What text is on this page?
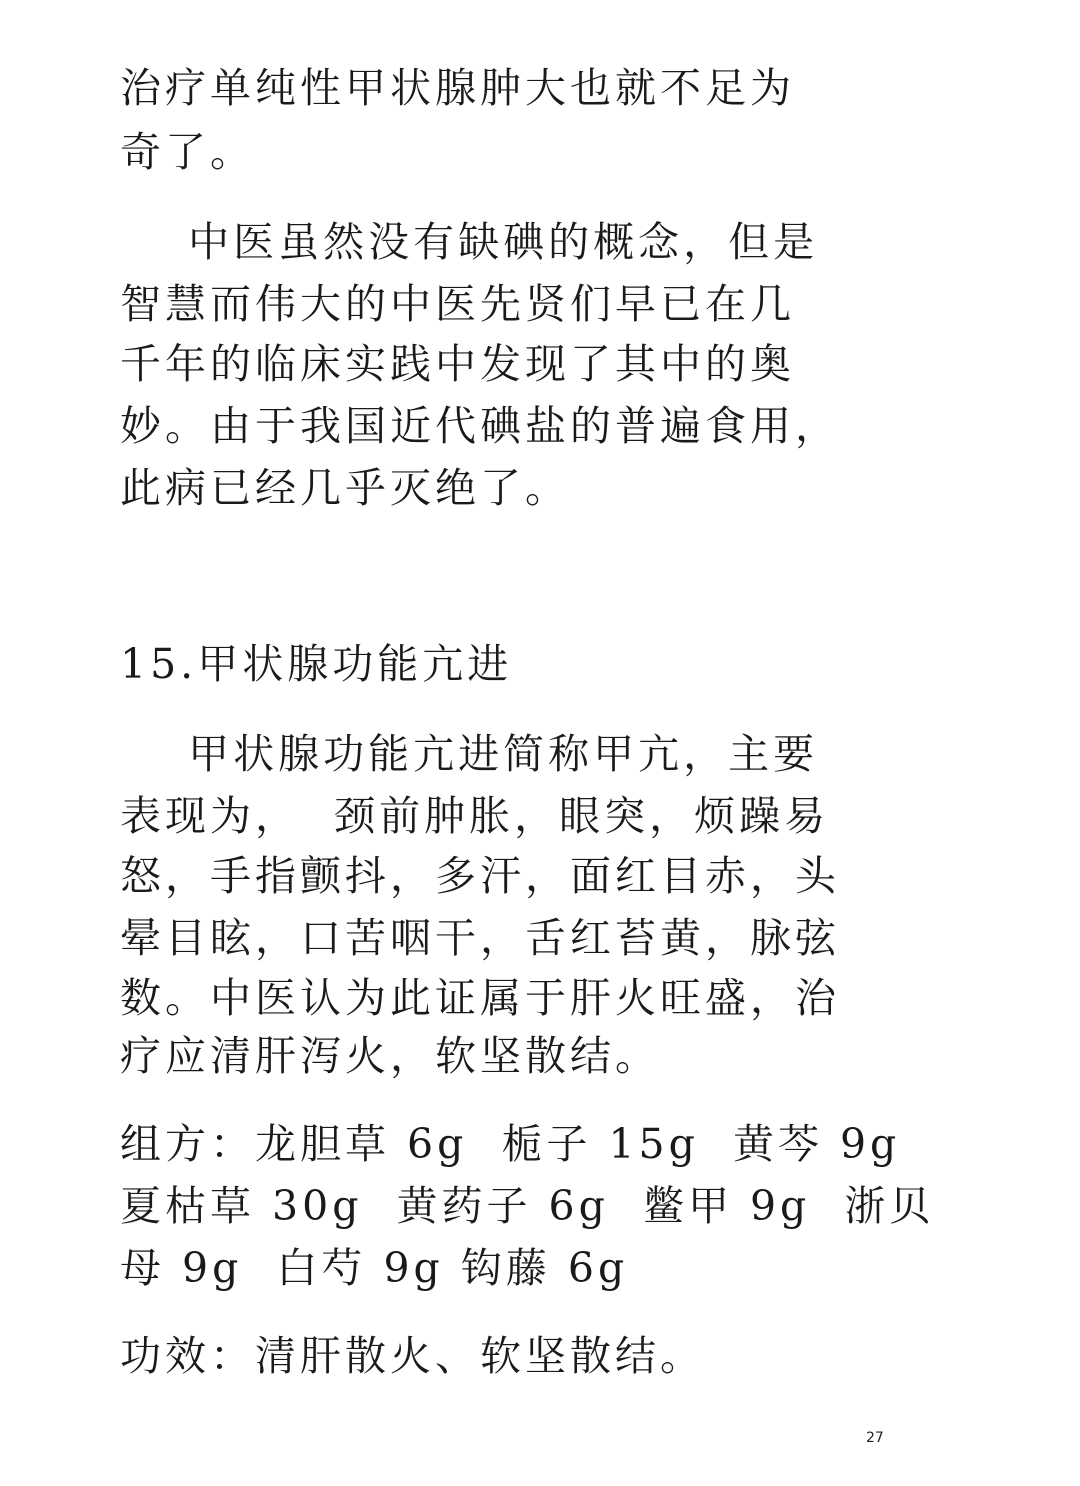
治疗单纯性甲状腺肿大也就不足为
奇了。
中医虽然没有缺碘的概念，但是
智慧而伟大的中医先贤们早已在几
千年的临床实践中发现了其中的奥
妙。由于我国近代碘盐的普遍食用，
此病已经几乎灭绝了。
15.甲状腺功能亢进
甲状腺功能亢进简称甲亢，主要
表现为，  颈前肿胀，眼突，烦躁易
怒，手指颤抖，多汗，面红目赤，头
晕目眩，口苦咽干，舌红苔黄，脉弦
数。中医认为此证属于肝火旺盛，治
疗应清肝泻火，软坚散结。
组方：龙胆草 6g  栀子 15g  黄芩 9g
夏枯草 30g  黄药子 6g  鳖甲 9g  浙贝
母 9g  白芍 9g 钩藤 6g
功效：清肝散火、软坚散结。
27
